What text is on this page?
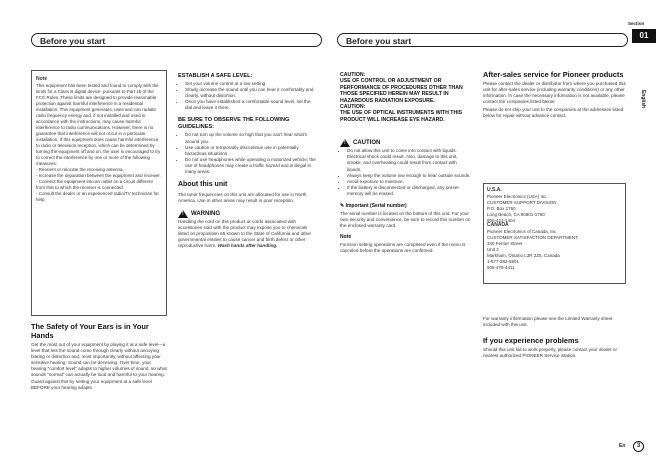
Section
01
English
Before you start	Before you start
Note
This equipment has been tested and found to comply with the limits for a Class B digital device, pursuant to Part 15 of the FCC Rules. These limits are designed to provide reasonable protection against harmful interference in a residential installation. This equipment generates, uses and can radiate radio frequency energy and, if not installed and used in accordance with the instructions, may cause harmful interference to radio communications. However, there is no guarantee that interference will not occur in a particular installation. If this equipment does cause harmful interference to radio or television reception, which can be determined by turning the equipment off and on, the user is encouraged to try to correct the interference by one or more of the following measures:
- Reorient or relocate the receiving antenna.
- Increase the separation between the equipment and receiver.
- Connect the equipment into an outlet on a circuit different from that to which the receiver is connected.
- Consult the dealer or an experienced radio/TV technician for help.
The Safety of Your Ears is in Your Hands

Get the most out of your equipment by playing it at a safe level—a level that lets the sound come through clearly without annoying blaring or distortion and, most importantly, without affecting your sensitive hearing. Sound can be deceiving. Over time, your hearing "comfort level" adapts to higher volumes of sound, so what sounds "normal" can actually be loud and harmful to your hearing. Guard against this by setting your equipment at a safe level BEFORE your hearing adapts.

ESTABLISH A SAFE LEVEL:
• Set your volume control at a low setting.
• Slowly increase the sound until you can hear it comfortably and clearly, without distortion.
• Once you have established a comfortable sound level, set the dial and leave it there.
BE SURE TO OBSERVE THE FOLLOWING GUIDELINES:
• Do not turn up the volume so high that you can't hear what's around you.
• Use caution or temporarily discontinue use in potentially hazardous situations.
• Do not use headphones while operating a motorized vehicle; the use of headphones may create a traffic hazard and is illegal in many areas.
About this unit

The tuner frequencies on this unit are allocated for use in North America. Use in other areas may result in poor reception.

!
WARNING

Handling the cord on this product or cords associated with accessories sold with the product may expose you to chemicals listed on proposition 65 known to the State of California and other governmental entities to cause cancer and birth defect or other reproductive harm. Wash hands after handling.

CAUTION:
USE OF CONTROL OR ADJUSTMENT OR PERFORMANCE OF PROCEDURES OTHER THAN THOSE SPECIFIED HEREIN MAY RESULT IN HAZARDOUS RADIATION EXPOSURE.
CAUTION:
THE USE OF OPTICAL INSTRUMENTS WITH THIS PRODUCT WILL INCREASE EYE HAZARD.
!
CAUTION
• Do not allow this unit to come into contact with liquids. Electrical shock could result. Also, damage to this unit, smoke, and overheating could result from contact with liquids.
• Always keep the volume low enough to hear outside sounds.
• Avoid exposure to moisture.
• If the battery is disconnected or discharged, any preset memory will be erased.
✎ Important (Serial number)

The serial number is located on the bottom of this unit. For your own security and convenience, be sure to record this number on the enclosed warranty card.

Note

Function setting operations are completed even if the menu is canceled before the operations are confirmed.

After-sales service for Pioneer products

Please contact the dealer or distributor from where you purchased this unit for after-sales service (including warranty conditions) or any other information. In case the necessary information is not available, please contact the companies listed below:

Please do not ship your unit to the companies at the addresses listed below for repair without advance contact.

U.S.A.
Pioneer Electronics (USA) Inc.
CUSTOMER SUPPORT DIVISION
P.O. Box 1760
Long Beach, CA 90801-1760
800-421-1404
CANADA
Pioneer Electronics of Canada, Inc.
CUSTOMER SATISFACTION DEPARTMENT
340 Ferrier Street
Unit 2
Markham, Ontario L3R 2Z5, Canada
1-877-283-5901
905-479-4411

For warranty information please see the Limited Warranty sheet included with this unit.

If you experience problems

Should this unit fail to work properly, please contact your dealer or nearest authorized PIONEER Service Station.

En	3
